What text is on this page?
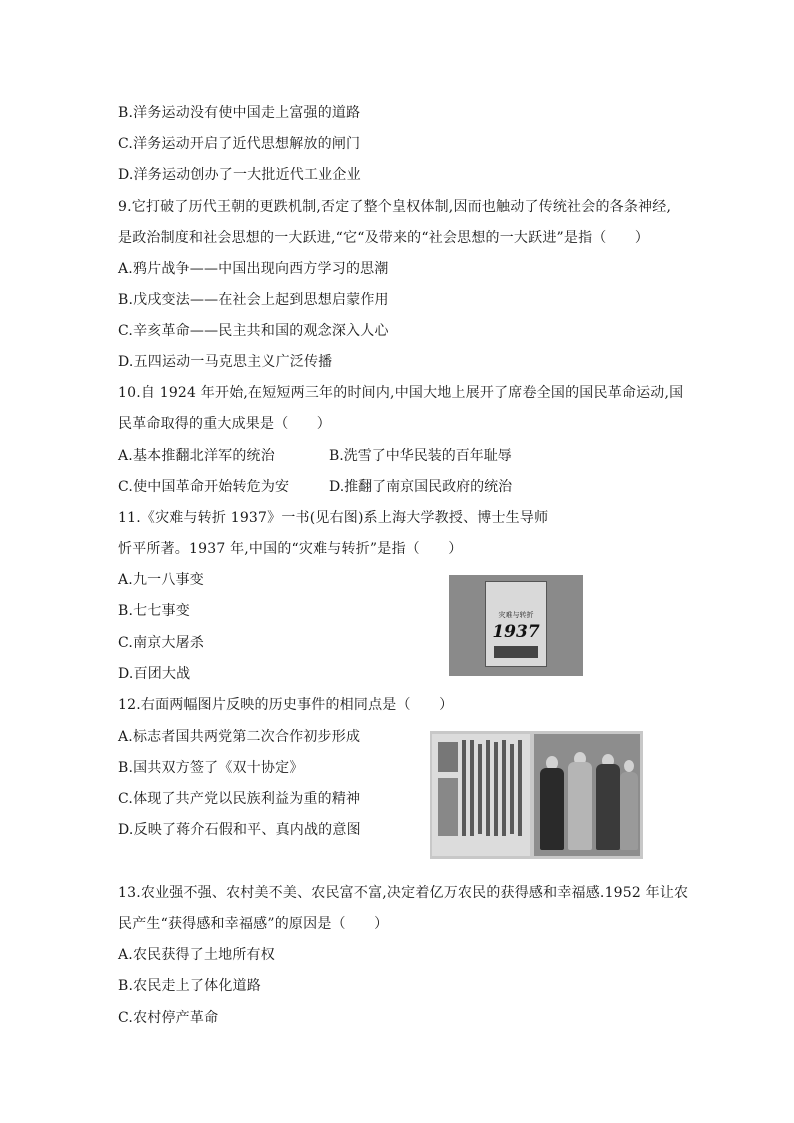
B.洋务运动没有使中国走上富强的道路
C.洋务运动开启了近代思想解放的闸门
D.洋务运动创办了一大批近代工业企业
9.它打破了历代王朝的更跌机制,否定了整个皇权体制,因而也触动了传统社会的各条神经,
是政治制度和社会思想的一大跃进,“它“及带来的“社会思想的一大跃进”是指（　　）
A.鸦片战争——中国出现向西方学习的思潮
B.戊戌变法——在社会上起到思想启蒙作用
C.辛亥革命——民主共和国的观念深入人心
D.五四运动一马克思主义广泛传播
10.自 1924 年开始,在短短两三年的时间内,中国大地上展开了席卷全国的国民革命运动,国
民革命取得的重大成果是（　　）
A.基本推翻北洋军的统治	B.洗雪了中华民装的百年耻辱
C.使中国革命开始转危为安	D.推翻了南京国民政府的统治
11.《灾难与转折 1937》一书(见右图)系上海大学教授、博士生导师
忻平所著。1937 年,中国的“灾难与转折”是指（　　）
A.九一八事变
B.七七事变
C.南京大屠杀
D.百团大战
灾难与转折
1937
12.右面两幅图片反映的历史事件的相同点是（　　）
A.标志者国共两党第二次合作初步形成
B.国共双方签了《双十协定》
C.体现了共产党以民族利益为重的精神
D.反映了蒋介石假和平、真内战的意图
13.农业强不强、农村美不美、农民富不富,决定着亿万农民的获得感和幸福感.1952 年让农
民产生“获得感和幸福感”的原因是（　　）
A.农民获得了土地所有权
B.农民走上了体化道路
C.农村停产革命
